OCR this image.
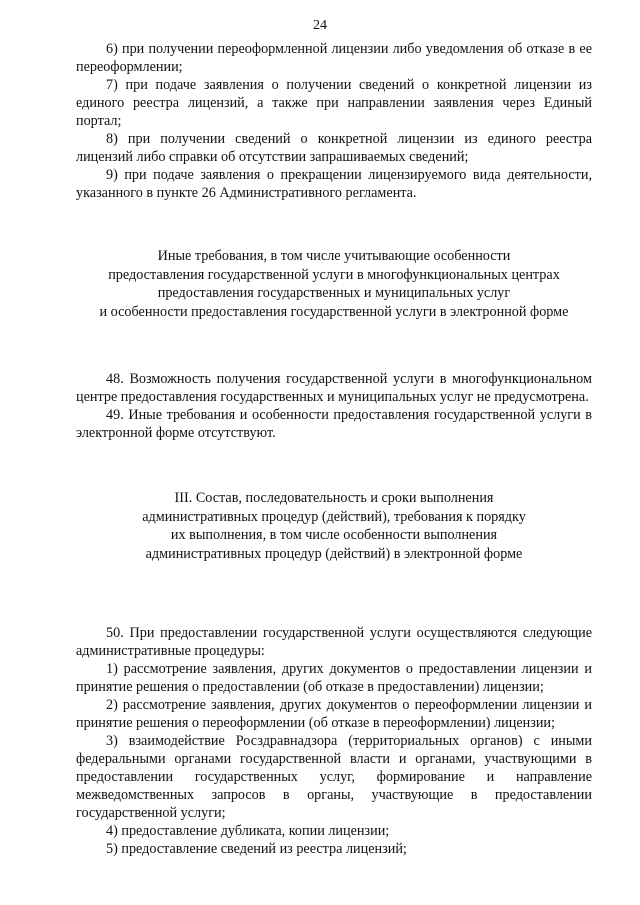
24

6) при получении переоформленной лицензии либо уведомления об отказе в ее переоформлении;

7) при подаче заявления о получении сведений о конкретной лицензии из единого реестра лицензий, а также при направлении заявления через Единый портал;

8) при получении сведений о конкретной лицензии из единого реестра лицензий либо справки об отсутствии запрашиваемых сведений;

9) при подаче заявления о прекращении лицензируемого вида деятельности, указанного в пункте 26 Административного регламента.

Иные требования, в том числе учитывающие особенности

предоставления государственной услуги в многофункциональных центрах

предоставления государственных и муниципальных услуг

и особенности предоставления государственной услуги в электронной форме

48. Возможность получения государственной услуги в многофункциональном центре предоставления государственных и муниципальных услуг не предусмотрена.

49. Иные требования и особенности предоставления государственной услуги в электронной форме отсутствуют.

III. Состав, последовательность и сроки выполнения

административных процедур (действий), требования к порядку

их выполнения, в том числе особенности выполнения

административных процедур (действий) в электронной форме

50. При предоставлении государственной услуги осуществляются следующие административные процедуры:

1) рассмотрение заявления, других документов о предоставлении лицензии и принятие решения о предоставлении (об отказе в предоставлении) лицензии;

2) рассмотрение заявления, других документов о переоформлении лицензии и принятие решения о переоформлении (об отказе в переоформлении) лицензии;

3) взаимодействие Росздравнадзора (территориальных органов) с иными федеральными органами государственной власти и органами, участвующими в предоставлении государственных услуг, формирование и направление межведомственных запросов в органы, участвующие в предоставлении государственной услуги;

4) предоставление дубликата, копии лицензии;

5) предоставление сведений из реестра лицензий;
